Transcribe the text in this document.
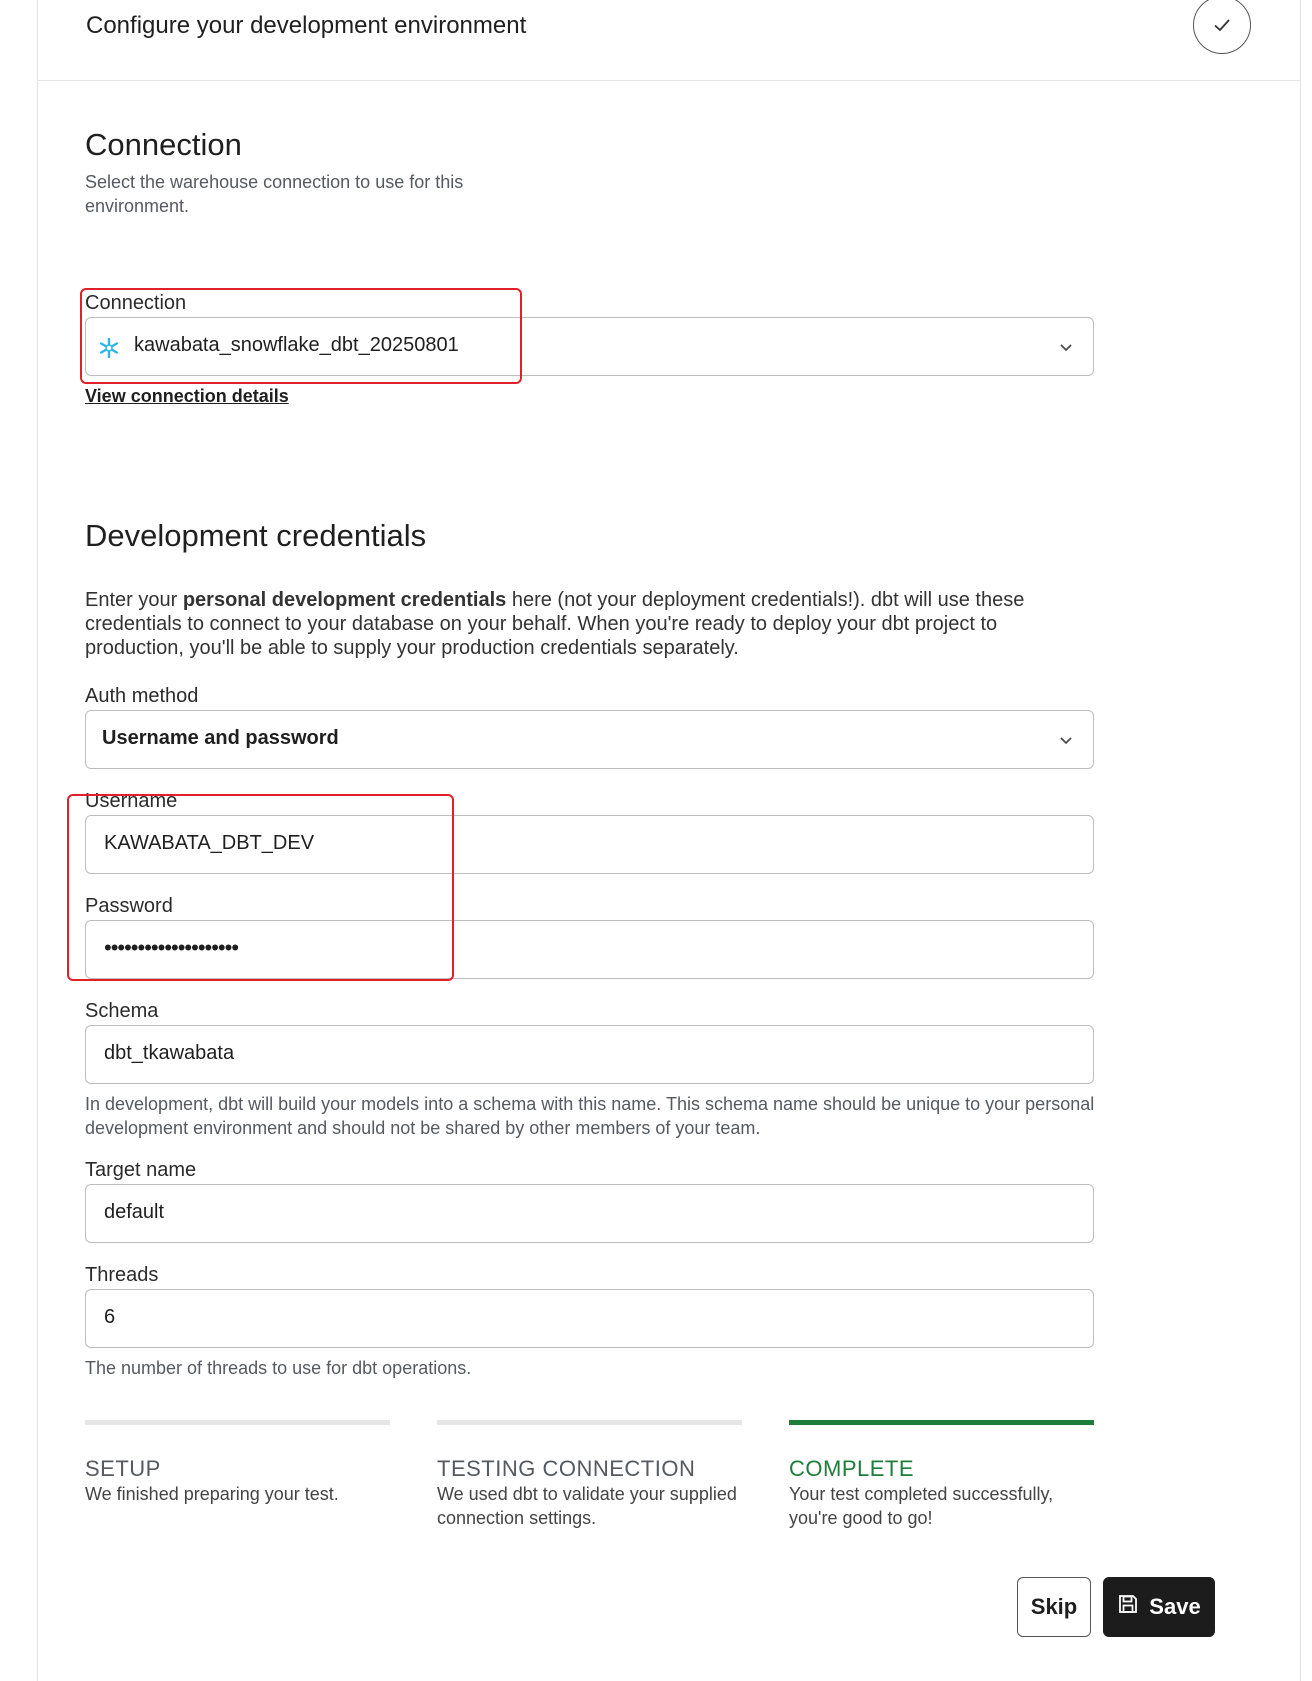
Configure your development environment
Connection
Select the warehouse connection to use for this environment.
Connection
kawabata_snowflake_dbt_20250801
View connection details
Development credentials
Enter your personal development credentials here (not your deployment credentials!). dbt will use these credentials to connect to your database on your behalf. When you're ready to deploy your dbt project to production, you'll be able to supply your production credentials separately.
Auth method
Username and password
Username
KAWABATA_DBT_DEV
Password
••••••••••••••••••••
Schema
dbt_tkawabata
In development, dbt will build your models into a schema with this name. This schema name should be unique to your personal development environment and should not be shared by other members of your team.
Target name
default
Threads
6
The number of threads to use for dbt operations.
SETUP
We finished preparing your test.
TESTING CONNECTION
We used dbt to validate your supplied connection settings.
COMPLETE
Your test completed successfully, you're good to go!
Skip	Save
